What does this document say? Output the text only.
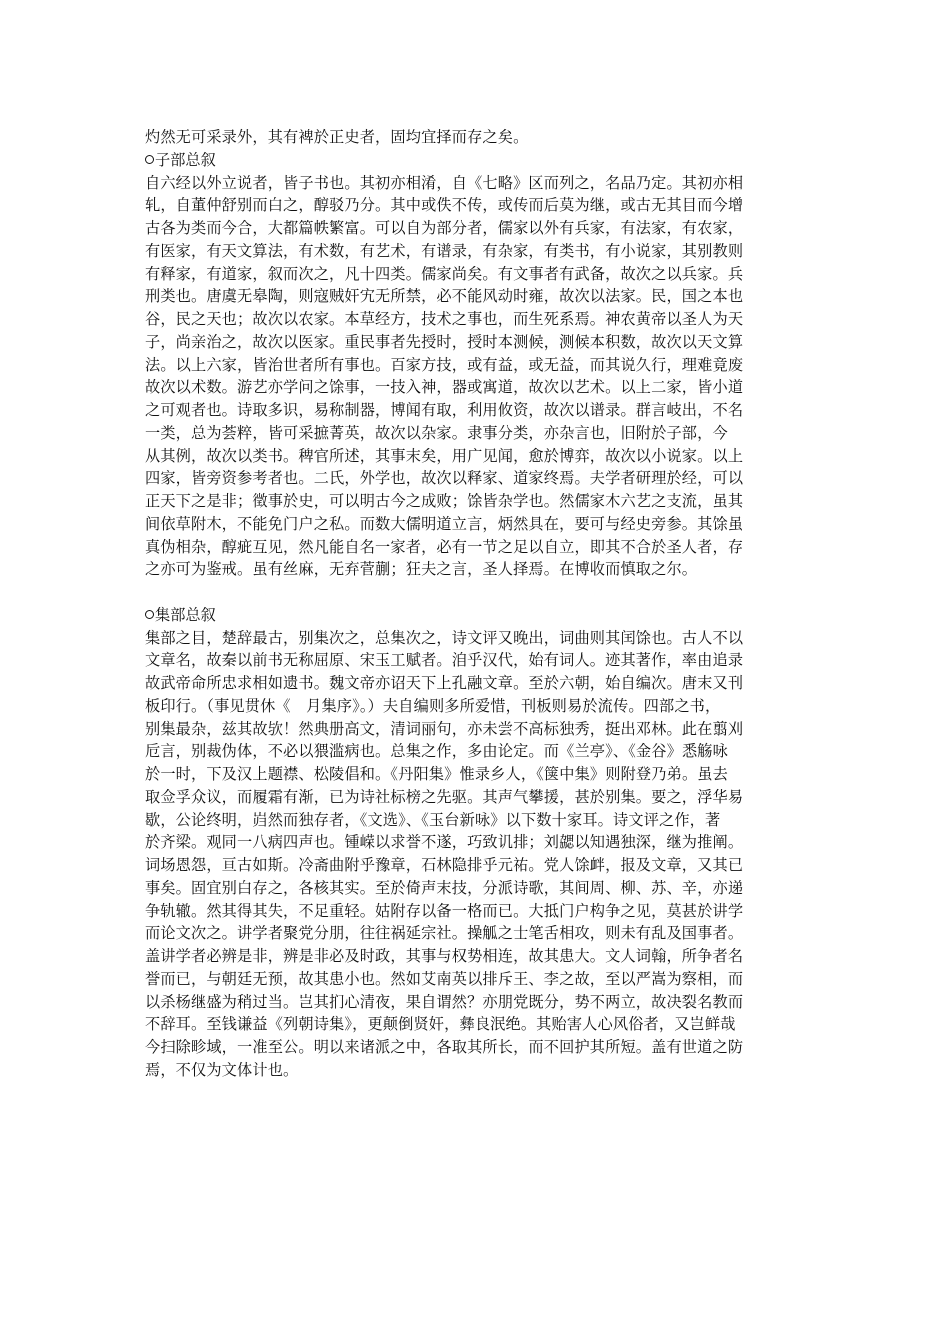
灼然无可采录外，其有裨於正史者，固均宜择而存之矣。
子部总叙
自六经以外立说者，皆子书也。其初亦相淆，自《七略》区而列之，名品乃定。其初亦相
轧，自董仲舒别而白之，醇驳乃分。其中或佚不传，或传而后莫为继，或古无其目而今增
古各为类而今合，大都篇帙繁富。可以自为部分者，儒家以外有兵家，有法家，有农家，
有医家，有天文算法，有术数，有艺术，有谱录，有杂家，有类书，有小说家，其别教则
有释家，有道家，叙而次之，凡十四类。儒家尚矣。有文事者有武备，故次之以兵家。兵
刑类也。唐虞无皋陶，则寇贼奸宄无所禁，必不能风动时雍，故次以法家。民，国之本也
谷，民之天也；故次以农家。本草经方，技术之事也，而生死系焉。神农黄帝以圣人为天
子，尚亲治之，故次以医家。重民事者先授时，授时本测候，测候本积数，故次以天文算
法。以上六家，皆治世者所有事也。百家方技，或有益，或无益，而其说久行，理难竟废
故次以术数。游艺亦学问之馀事，一技入神，器或寓道，故次以艺术。以上二家，皆小道
之可观者也。诗取多识，易称制器，博闻有取，利用攸资，故次以谱录。群言岐出，不名
一类，总为荟粹，皆可采摭菁英，故次以杂家。隶事分类，亦杂言也，旧附於子部，今
从其例，故次以类书。稗官所述，其事末矣，用广见闻，愈於博弈，故次以小说家。以上
四家，皆旁资参考者也。二氏，外学也，故次以释家、道家终焉。夫学者研理於经，可以
正天下之是非；徵事於史，可以明古今之成败；馀皆杂学也。然儒家木六艺之支流，虽其
间依草附木，不能免门户之私。而数大儒明道立言，炳然具在，要可与经史旁参。其馀虽
真伪相杂，醇疵互见，然凡能自名一家者，必有一节之足以自立，即其不合於圣人者，存
之亦可为鉴戒。虽有丝麻，无弃菅蒯；狂夫之言，圣人择焉。在博收而慎取之尔。
集部总叙
集部之目，楚辞最古，别集次之，总集次之，诗文评又晚出，词曲则其闰馀也。古人不以
文章名，故秦以前书无称屈原、宋玉工赋者。洎乎汉代，始有词人。迹其著作，率由追录
故武帝命所忠求相如遗书。魏文帝亦诏天下上孔融文章。至於六朝，始自编次。唐末又刊
板印行。（事见贯休《　月集序》。）夫自编则多所爱惜，刊板则易於流传。四部之书，
别集最杂，兹其故欤！然典册高文，清词丽句，亦未尝不高标独秀，挺出邓林。此在翦刈
卮言，别裁伪体，不必以猥滥病也。总集之作，多由论定。而《兰亭》、《金谷》悉觞咏
於一时，下及汉上题襟、松陵倡和。《丹阳集》惟录乡人，《箧中集》则附登乃弟。虽去
取佥孚众议，而履霜有渐，已为诗社标榜之先驱。其声气攀援，甚於别集。要之，浮华易
歇，公论终明，岿然而独存者，《文选》、《玉台新咏》以下数十家耳。诗文评之作，著
於齐梁。观同一八病四声也。锺嵘以求誉不遂，巧致讥排；刘勰以知遇独深，继为推阐。
词场恩怨，亘古如斯。冷斋曲附乎豫章，石林隐排乎元祐。党人馀衅，报及文章，又其已
事矣。固宜别白存之，各核其实。至於倚声末技，分派诗歌，其间周、柳、苏、辛，亦递
争轨辙。然其得其失，不足重轻。姑附存以备一格而已。大抵门户构争之见，莫甚於讲学
而论文次之。讲学者聚党分朋，往往祸延宗社。操觚之士笔舌相攻，则未有乱及国事者。
盖讲学者必辨是非，辨是非必及时政，其事与权势相连，故其患大。文人词翰，所争者名
誉而已，与朝廷无预，故其患小也。然如艾南英以排斥王、李之故，至以严嵩为察相，而
以杀杨继盛为稍过当。岂其扪心清夜，果自谓然？亦朋党既分，势不两立，故决裂名教而
不辞耳。至钱谦益《列朝诗集》，更颠倒贤奸，彝良泯绝。其贻害人心风俗者，又岂鲜哉
今扫除畛域，一准至公。明以来诸派之中，各取其所长，而不回护其所短。盖有世道之防
焉，不仅为文体计也。
